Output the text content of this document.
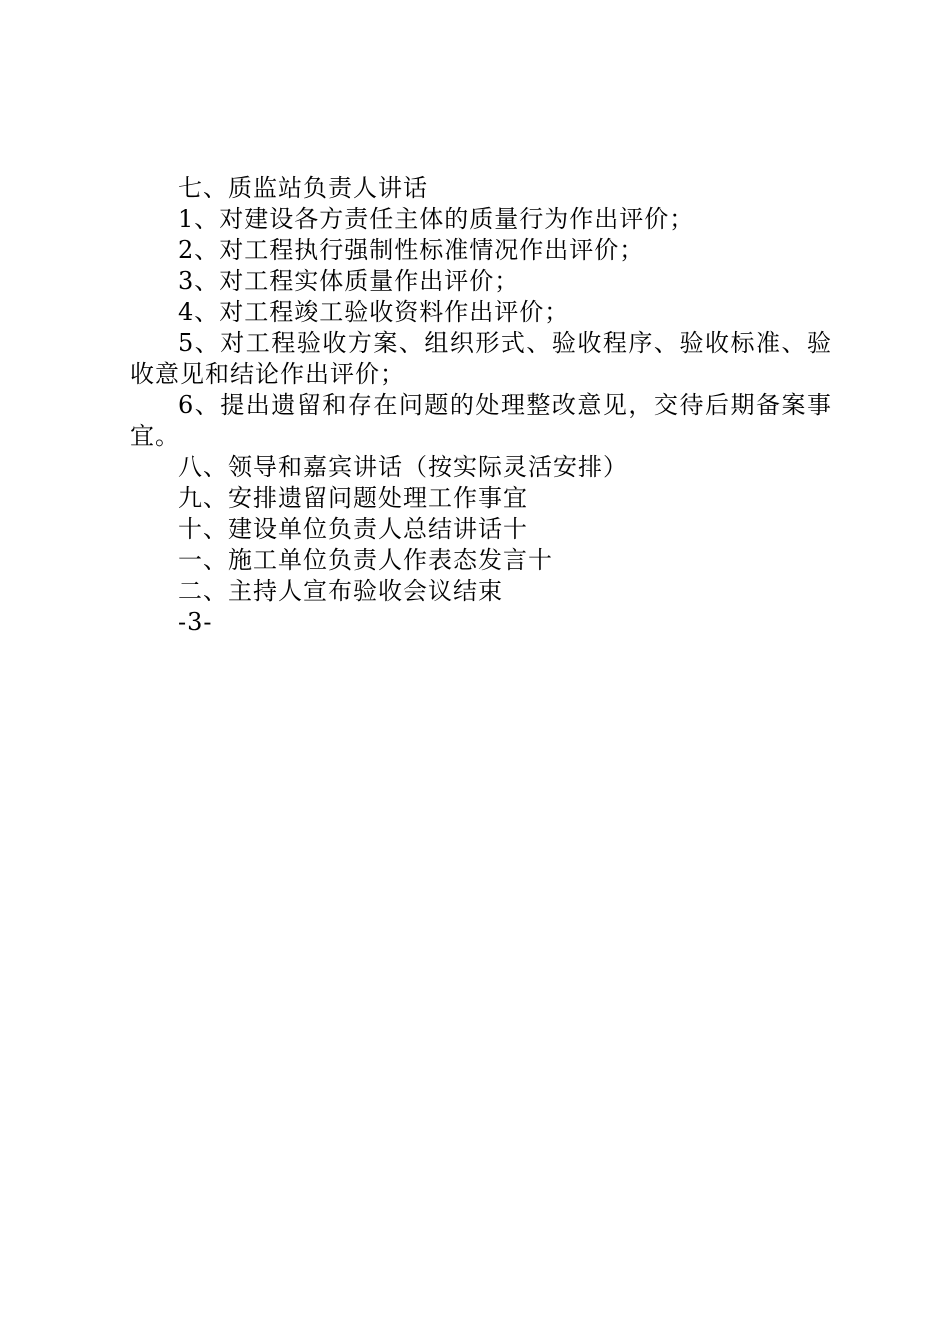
七、质监站负责人讲话

1、对建设各方责任主体的质量行为作出评价；

2、对工程执行强制性标准情况作出评价；

3、对工程实体质量作出评价；

4、对工程竣工验收资料作出评价；

5、对工程验收方案、组织形式、验收程序、验收标准、验收意见和结论作出评价；

6、提出遗留和存在问题的处理整改意见，交待后期备案事宜。

八、领导和嘉宾讲话（按实际灵活安排）

九、安排遗留问题处理工作事宜

十、建设单位负责人总结讲话十

一、施工单位负责人作表态发言十

二、主持人宣布验收会议结束

-3-
